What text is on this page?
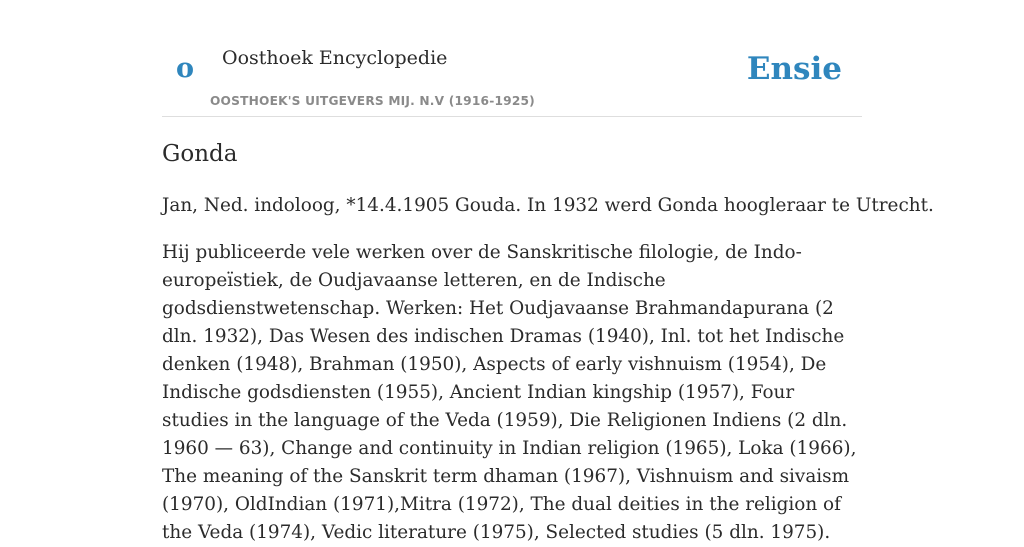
o Oosthoek Encyclopedie
OOSTHOEK'S UITGEVERS MIJ. N.V (1916-1925)
Ensie
Gonda

Jan, Ned. indoloog, *14.4.1905 Gouda. In 1932 werd Gonda hoogleraar te Utrecht.

Hij publiceerde vele werken over de Sanskritische filologie, de Indo-europeïstiek, de Oudjavaanse letteren, en de Indische godsdienstwetenschap. Werken: Het Oudjavaanse Brahmandapurana (2 dln. 1932), Das Wesen des indischen Dramas (1940), Inl. tot het Indische denken (1948), Brahman (1950), Aspects of early vishnuism (1954), De Indische godsdiensten (1955), Ancient Indian kingship (1957), Four studies in the language of the Veda (1959), Die Religionen Indiens (2 dln. 1960 — 63), Change and continuity in Indian religion (1965), Loka (1966), The meaning of the Sanskrit term dhaman (1967), Vishnuism and sivaism (1970), OldIndian (1971),Mitra (1972), The dual deities in the religion of the Veda (1974), Vedic literature (1975), Selected studies (5 dln. 1975).
